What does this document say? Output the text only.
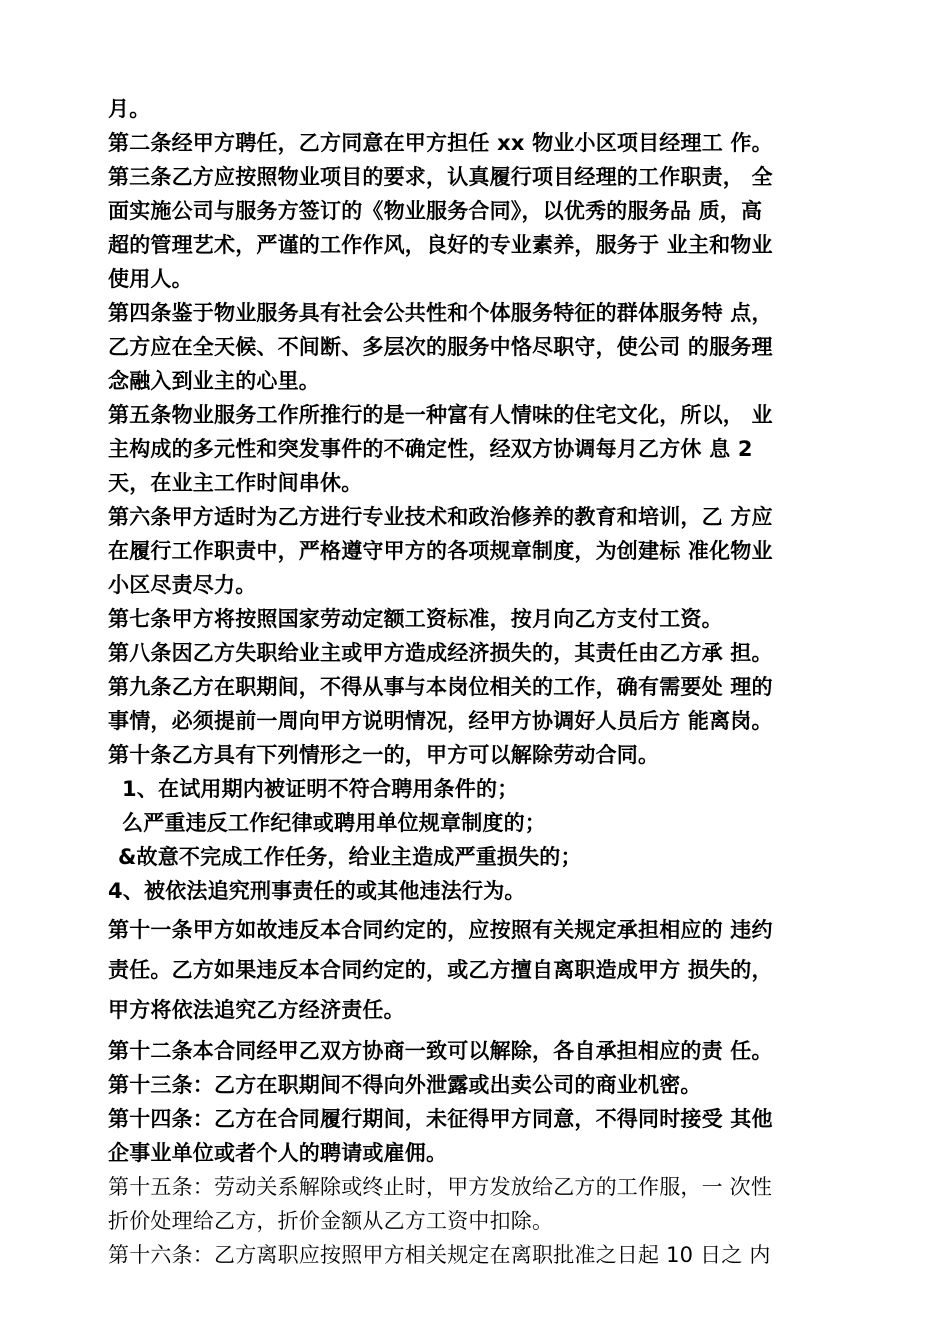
月。

第二条经甲方聘任，乙方同意在甲方担任 xx 物业小区项目经理工 作。

第三条乙方应按照物业项目的要求，认真履行项目经理的工作职责， 全
面实施公司与服务方签订的《物业服务合同》，以优秀的服务品 质，高
超的管理艺术，严谨的工作作风，良好的专业素养，服务于 业主和物业
使用人。

第四条鉴于物业服务具有社会公共性和个体服务特征的群体服务特 点，
乙方应在全天候、不间断、多层次的服务中恪尽职守，使公司 的服务理
念融入到业主的心里。

第五条物业服务工作所推行的是一种富有人情味的住宅文化，所以， 业
主构成的多元性和突发事件的不确定性，经双方协调每月乙方休 息 2
天，在业主工作时间串休。

第六条甲方适时为乙方进行专业技术和政治修养的教育和培训，乙 方应
在履行工作职责中，严格遵守甲方的各项规章制度，为创建标 准化物业
小区尽责尽力。

第七条甲方将按照国家劳动定额工资标准，按月向乙方支付工资。

第八条因乙方失职给业主或甲方造成经济损失的，其责任由乙方承 担。

第九条乙方在职期间，不得从事与本岗位相关的工作，确有需要处 理的
事情，必须提前一周向甲方说明情况，经甲方协调好人员后方 能离岗。

第十条乙方具有下列情形之一的，甲方可以解除劳动合同。

1、在试用期内被证明不符合聘用条件的；

么严重违反工作纪律或聘用单位规章制度的；

&故意不完成工作任务，给业主造成严重损失的；

4、被依法追究刑事责任的或其他违法行为。

第十一条甲方如故违反本合同约定的，应按照有关规定承担相应的 违约
责任。乙方如果违反本合同约定的，或乙方擅自离职造成甲方 损失的，
甲方将依法追究乙方经济责任。

第十二条本合同经甲乙双方协商一致可以解除，各自承担相应的责 任。

第十三条：乙方在职期间不得向外泄露或出卖公司的商业机密。

第十四条：乙方在合同履行期间，未征得甲方同意，不得同时接受 其他
企事业单位或者个人的聘请或雇佣。

第十五条：劳动关系解除或终止时，甲方发放给乙方的工作服，一 次性
折价处理给乙方，折价金额从乙方工资中扣除。

第十六条：乙方离职应按照甲方相关规定在离职批准之日起 10 日之 内
